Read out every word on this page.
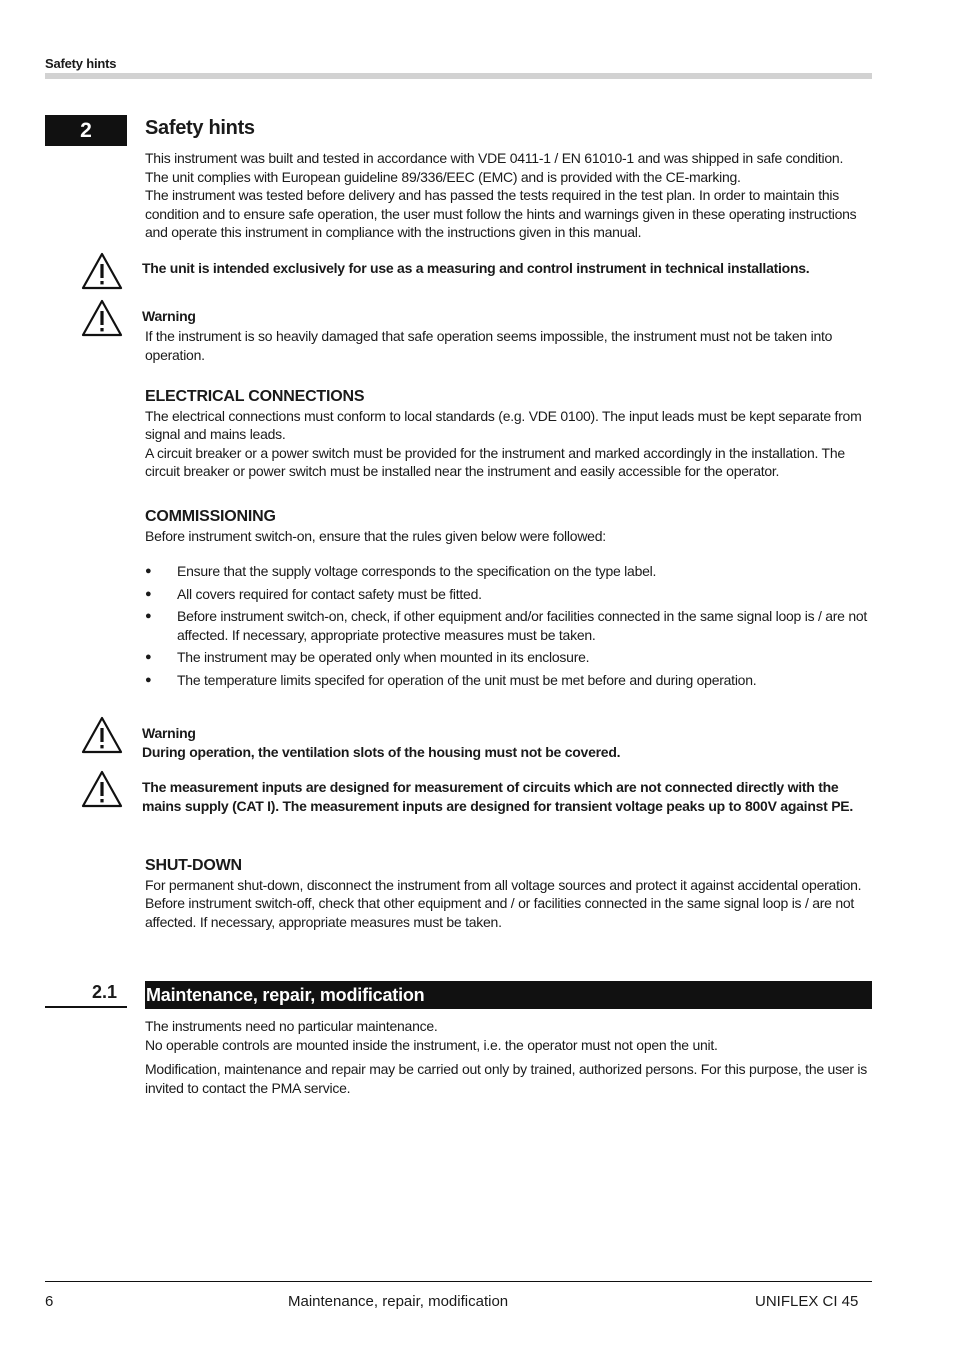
Safety hints
2	Safety hints

This instrument was built and tested in accordance with VDE 0411-1 / EN 61010-1 and was shipped in safe condition.

The unit complies with European guideline 89/336/EEC (EMC) and is provided with the CE-marking.

The instrument was tested before delivery and has passed the tests required in the test plan. In order to maintain this condition and to ensure safe operation, the user must follow the hints and warnings given in these operating instructions and operate this instrument in compliance with the instructions given in this manual.

The unit is intended exclusively for use as a measuring and control instrument in technical installations.
Warning
If the instrument is so heavily damaged that safe operation seems impossible, the instrument must not be taken into operation.
ELECTRICAL CONNECTIONS

The electrical connections must conform to local standards (e.g. VDE 0100). The input leads must be kept separate from signal and mains leads.

A circuit breaker or a power switch must be provided for the instrument and marked accordingly in the installation. The circuit breaker or power switch must be installed near the instrument and easily accessible for the operator.

COMMISSIONING

Before instrument switch-on, ensure that the rules given below were followed:

● Ensure that the supply voltage corresponds to the specification on the type label.
● All covers required for contact safety must be fitted.
● Before instrument switch-on, check, if other equipment and/or facilities connected in the same signal loop is / are not affected. If necessary, appropriate protective measures must be taken.
● The instrument may be operated only when mounted in its enclosure.
● The temperature limits specifed for operation of the unit must be met before and during operation.
Warning
During operation, the ventilation slots of the housing must not be covered.
The measurement inputs are designed for measurement of circuits which are not connected directly with the mains supply (CAT I). The measurement inputs are designed for transient voltage peaks up to 800V against PE.
SHUT-DOWN

For permanent shut-down, disconnect the instrument from all voltage sources and protect it against accidental operation.

Before instrument switch-off, check that other equipment and / or facilities connected in the same signal loop is / are not affected. If necessary, appropriate measures must be taken.

2.1	Maintenance, repair, modification

The instruments need no particular maintenance.

No operable controls are mounted inside the instrument, i.e. the operator must not open the unit.

Modification, maintenance and repair may be carried out only by trained, authorized persons. For this purpose, the user is invited to contact the PMA service.

6	Maintenance, repair, modification	UNIFLEX CI 45
